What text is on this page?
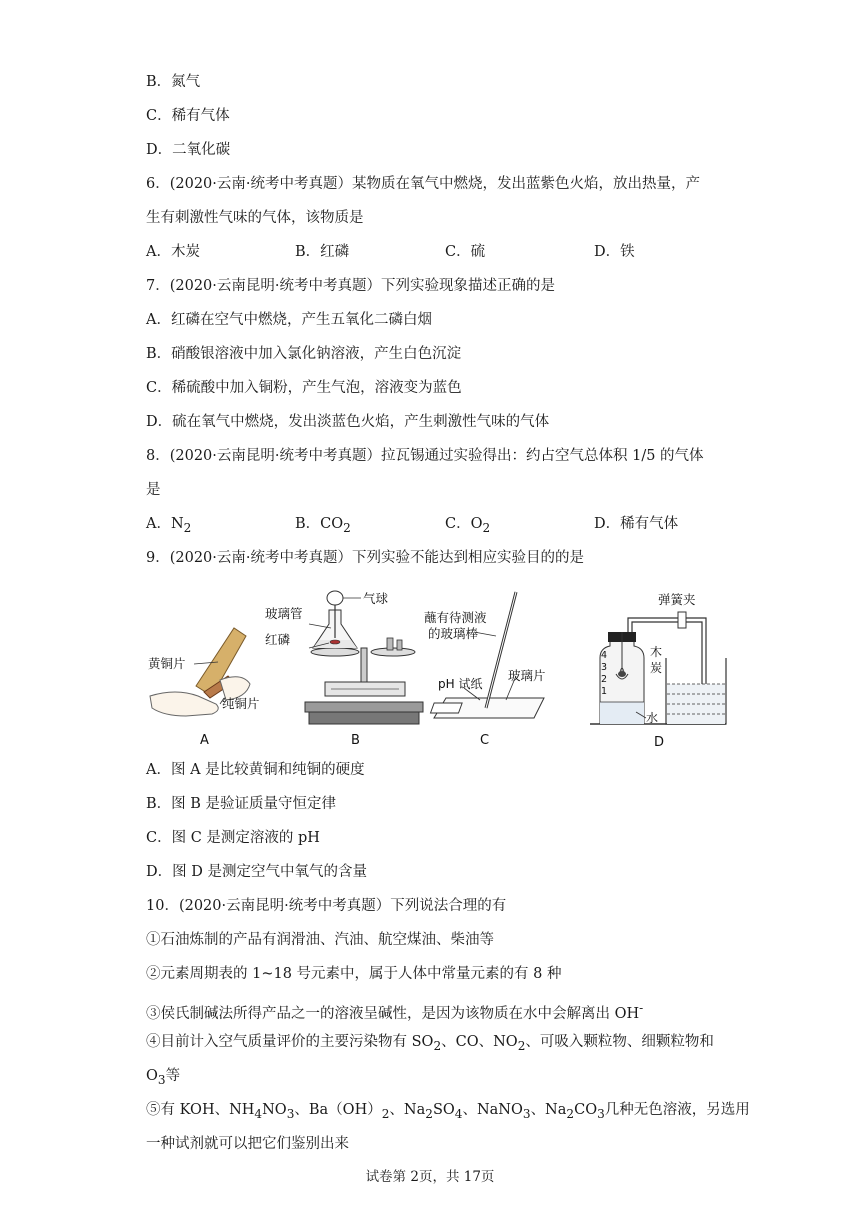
B．氮气
C．稀有气体
D．二氧化碳
6．(2020·云南·统考中考真题）某物质在氧气中燃烧，发出蓝紫色火焰，放出热量，产
生有刺激性气味的气体，该物质是
A．木炭	B．红磷	C．硫	D．铁
7．(2020·云南昆明·统考中考真题）下列实验现象描述正确的是
A．红磷在空气中燃烧，产生五氧化二磷白烟
B．硝酸银溶液中加入氯化钠溶液，产生白色沉淀
C．稀硫酸中加入铜粉，产生气泡，溶液变为蓝色
D．硫在氧气中燃烧，发出淡蓝色火焰，产生刺激性气味的气体
8．(2020·云南昆明·统考中考真题）拉瓦锡通过实验得出：约占空气总体积 1/5 的气体
是
A．$N_2$	B．$CO_2$	C．$O_2$	D．稀有气体
9．(2020·云南·统考中考真题）下列实验不能达到相应实验目的的是
黄铜片
纯铜片
A
气球
玻璃管
红磷
B
蘸有待测液
的玻璃棒
pH 试纸
玻璃片
C
4
3
2
1
弹簧夹
木
炭
水
D
A．图 A 是比较黄铜和纯铜的硬度
B．图 B 是验证质量守恒定律
C．图 C 是测定溶液的 pH
D．图 D 是测定空气中氧气的含量
10．(2020·云南昆明·统考中考真题）下列说法合理的有
①石油炼制的产品有润滑油、汽油、航空煤油、柴油等
②元素周期表的 1~18 号元素中，属于人体中常量元素的有 8 种
③侯氏制碱法所得产品之一的溶液呈碱性，是因为该物质在水中会解离出 OH-
④目前计入空气质量评价的主要污染物有 $SO_2$、CO、$NO_2$、可吸入颗粒物、细颗粒物和
$O_3$等
⑤有 KOH、$NH_4NO_3$、$Ba(OH)_2$、$Na_2SO_4$、NaNO$_3$、$Na_2CO_3$几种无色溶液，另选用
一种试剂就可以把它们鉴别出来
试卷第 2页，共 17页
